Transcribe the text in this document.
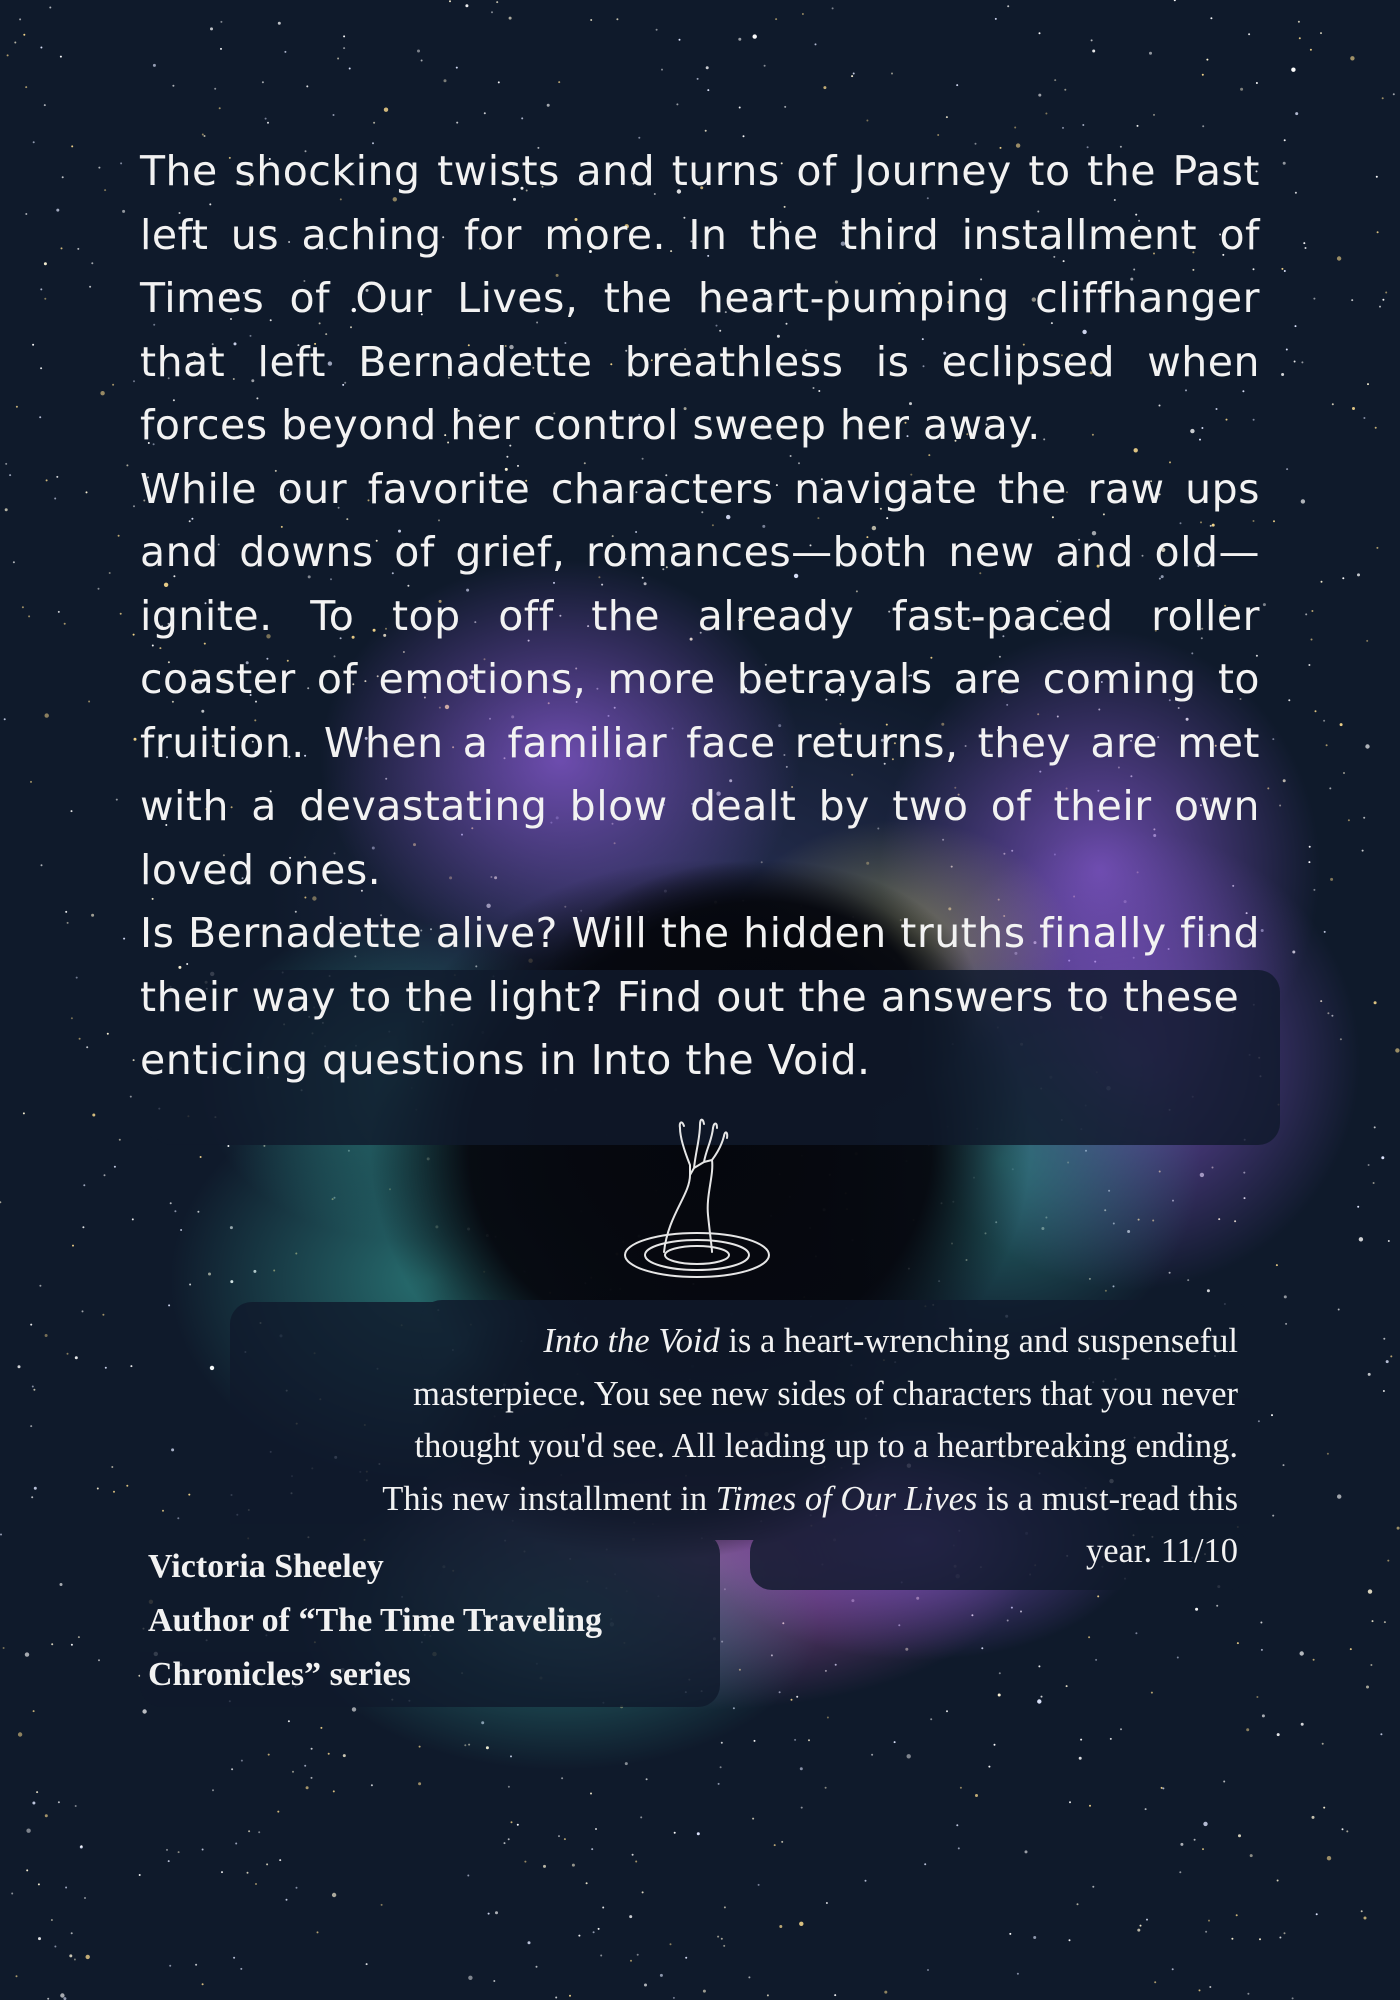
The shocking twists and turns of Journey to the Past left us aching for more. In the third installment of Times of Our Lives, the heart-pumping cliffhanger that left Bernadette breathless is eclipsed when forces beyond her control sweep her away.

While our favorite characters navigate the raw ups and downs of grief, romances—both new and old—ignite. To top off the already fast-paced roller coaster of emotions, more betrayals are coming to fruition. When a familiar face returns, they are met with a devastating blow dealt by two of their own loved ones.

Is Bernadette alive? Will the hidden truths finally find their way to the light? Find out the answers to these enticing questions in Into the Void.

Into the Void is a heart-wrenching and suspenseful
masterpiece. You see new sides of characters that you never
thought you'd see. All leading up to a heartbreaking ending.
This new installment in Times of Our Lives is a must-read this
year. 11/10
Victoria Sheeley
Author of “The Time Traveling
Chronicles” series
